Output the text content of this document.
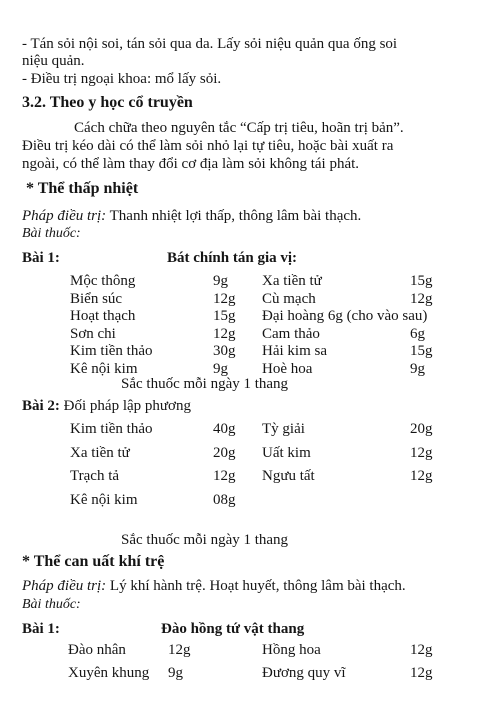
- Tán sỏi nội soi, tán sỏi qua da. Lấy sỏi niệu quản qua ống soi
niệu quản.
- Điều trị ngoại khoa: mổ lấy sỏi.
3.2. Theo y học cổ truyền
Cách chữa theo nguyên tắc “Cấp trị tiêu, hoãn trị bản”.
Điều trị kéo dài có thể làm sỏi nhỏ lại tự tiêu, hoặc bài xuất ra
ngoài, có thể làm thay đổi cơ địa làm sỏi không tái phát.
* Thể thấp nhiệt
Pháp điều trị: Thanh nhiệt lợi thấp, thông lâm bài thạch.
Bài thuốc:
Bài 1:	Bát chính tán gia vị:
Mộc thông	9g Xa tiền tử	15g
Biển súc	12g Cù mạch	12g
Hoạt thạch	15g Đại hoàng 6g (cho vào sau)
Sơn chi	12g Cam thảo	6g
Kim tiền thảo	30g Hải kim sa	15g
Kê nội kim	9g Hoè hoa	9g
Sắc thuốc mỗi ngày 1 thang
Bài 2: Đối pháp lập phương
Kim tiền thảo	40g Tỳ giải	20g
Xa tiền tử	20g Uất kim	12g
Trạch tả	12g Ngưu tất	12g
Kê nội kim	08g
Sắc thuốc mỗi ngày 1 thang
* Thể can uất khí trệ
Pháp điều trị: Lý khí hành trệ. Hoạt huyết, thông lâm bài thạch.
Bài thuốc:
Bài 1:	Đào hồng tứ vật thang
Đào nhân	12g	Hồng hoa	12g
Xuyên khung 9g	Đương quy vĩ	12g
